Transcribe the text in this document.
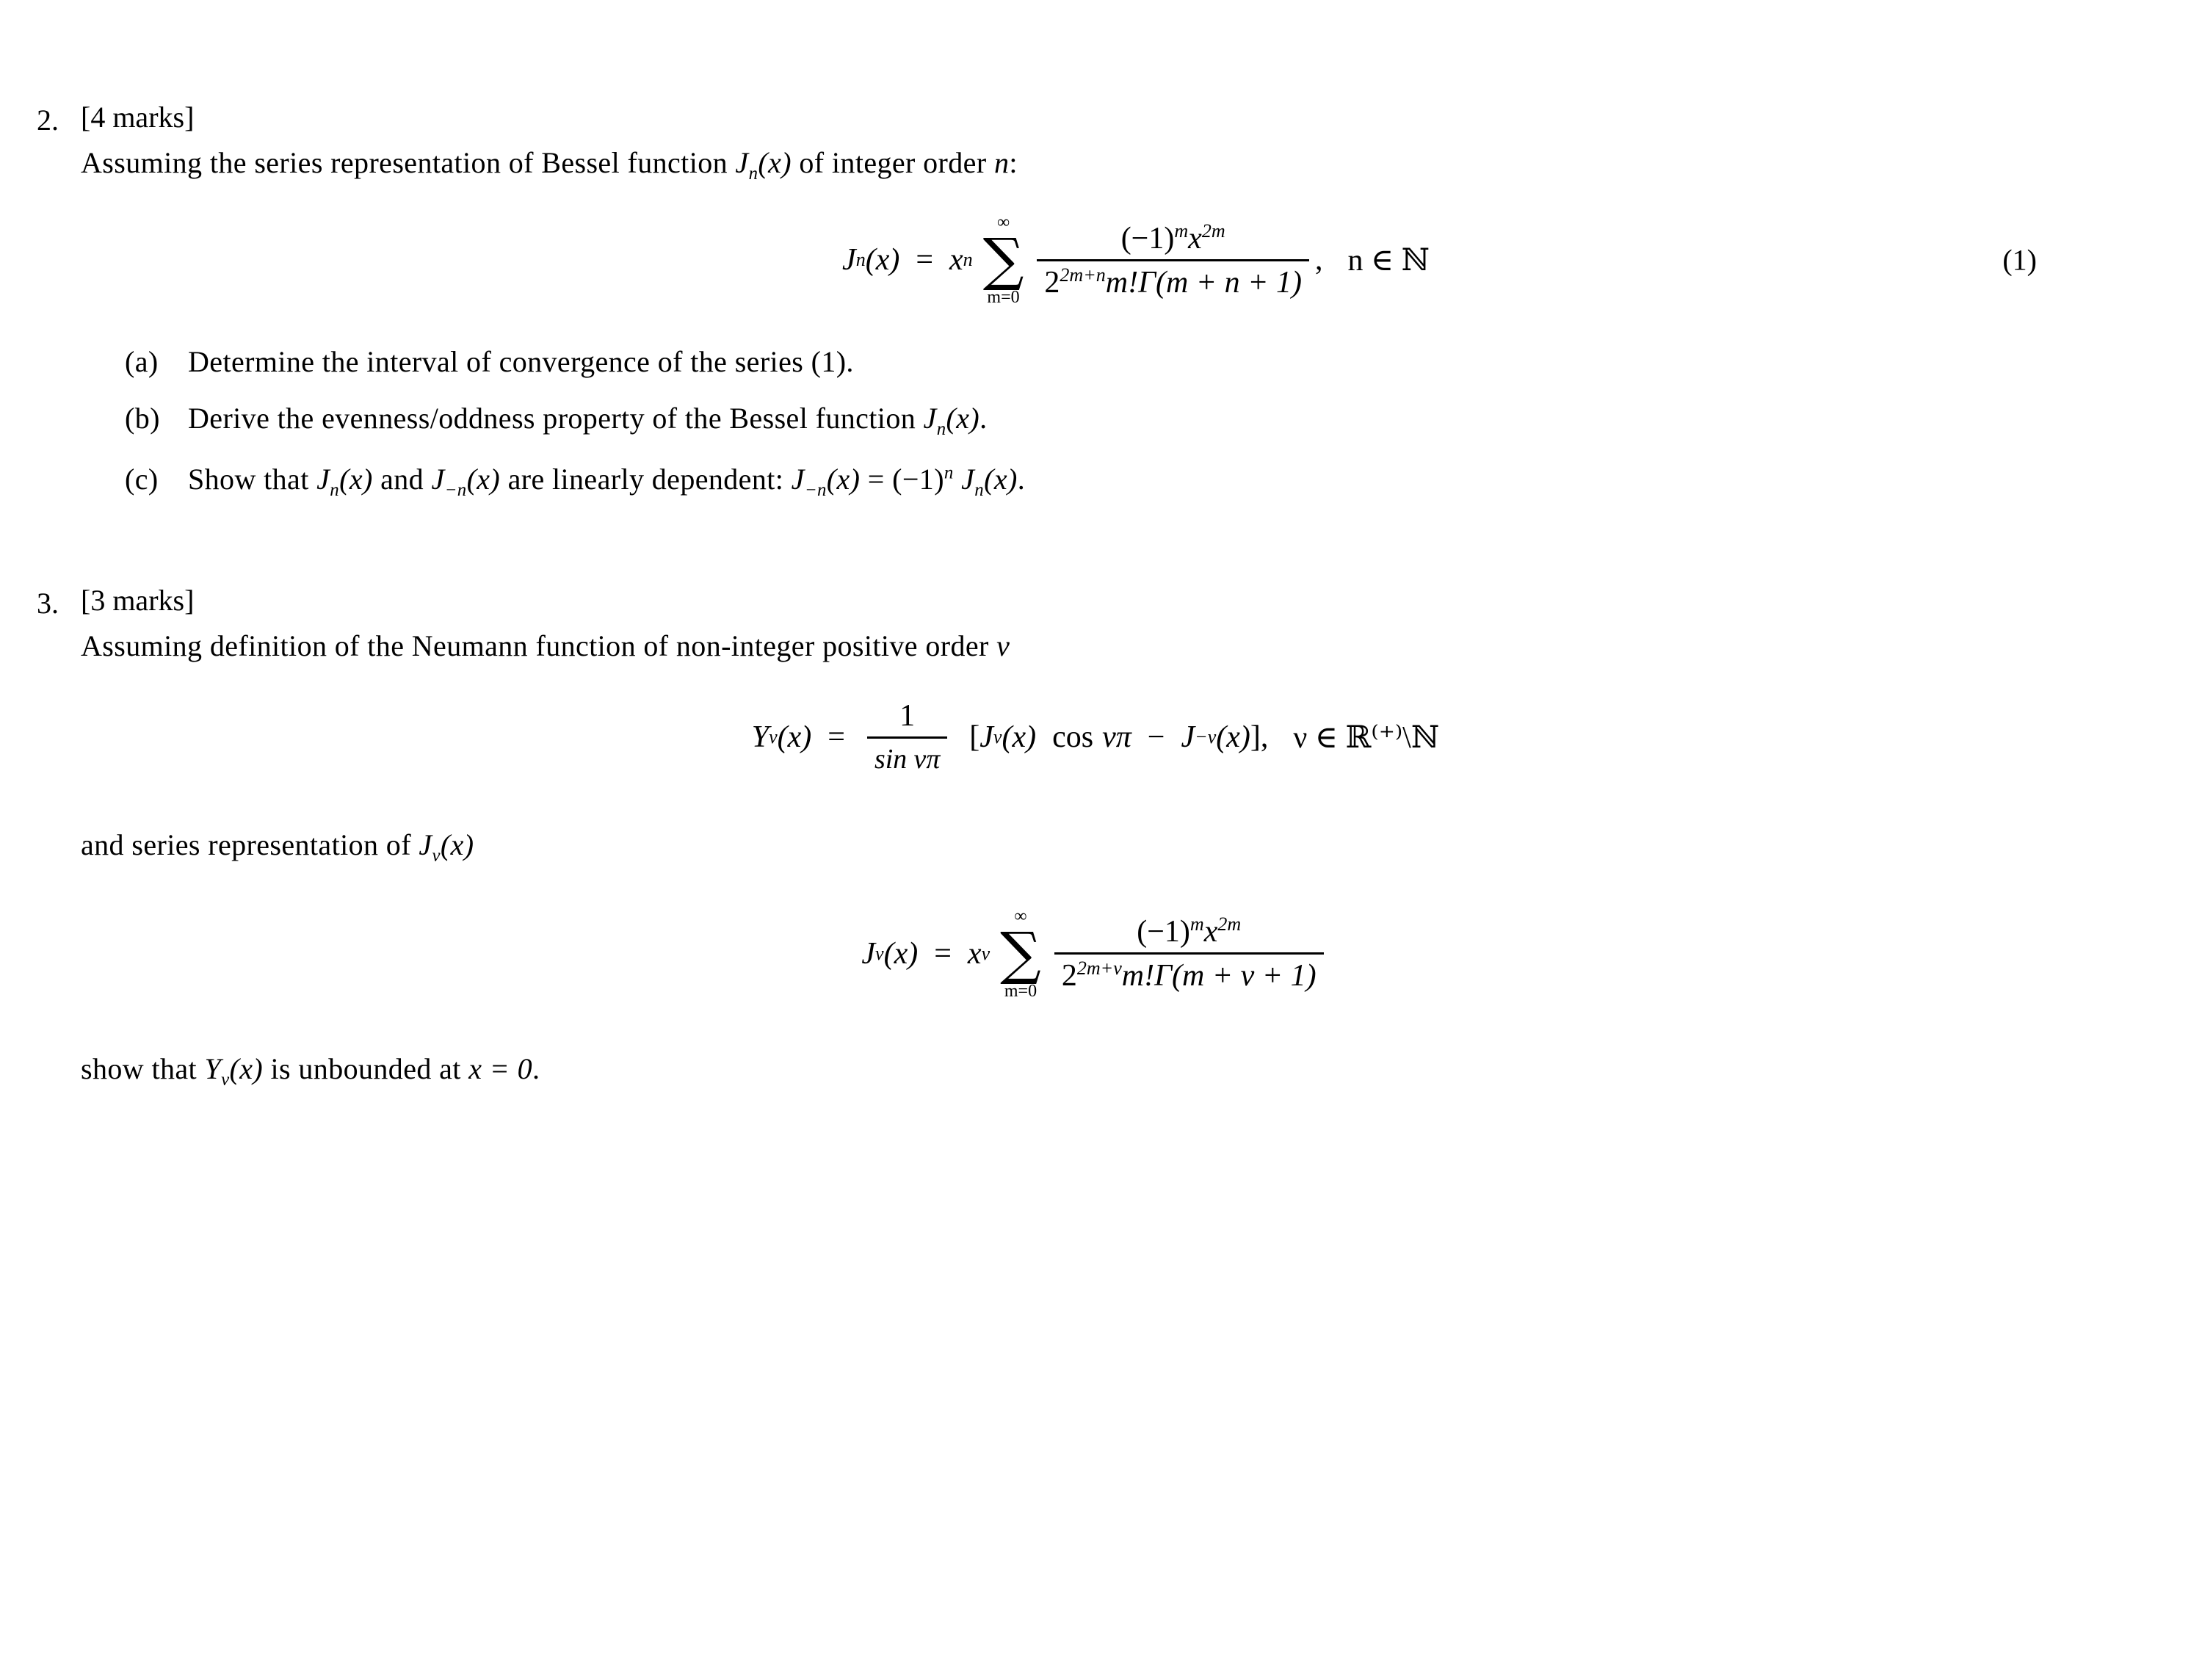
2. [4 marks]
Assuming the series representation of Bessel function $J_n(x)$ of integer order n:
J n (x) = x n
∞
∑
$m=0 \frac{(-1)^mx^{2m}}{2^{2m+n}m!\Gamma(m + n + 1)}$ , n ∈ ℕ	(1)
(a)	Determine the interval of convergence of the series (1).
(b) Derive the evenness/oddness property of the Bessel function $J_n(x)$.
(c)	Show that $J_n(x)$ and $J_{-n}(x)$ are linearly dependent: $J_{-n}(x) = (-1)^n$ $J_n(x)$.
3. [3 marks]
Assuming definition of the Neumann function of non-integer positive order ν
Y ν $(x) = \frac{1}{\text{sin νπ}}$ [ J ν (x) cos νπ − J −ν (x) ] , ν ∈ ℝ⁽⁺⁾\ℕ
and series representation of $J_\nu(x)$
J ν (x) = x ν
∞
∑
$m=0 \frac{(-1)^mx^{2m}}{2^{2m+\nu}m!\Gamma(m + \nu + 1)}$
show that $Y_\nu(x)$ is unbounded at x = 0.
